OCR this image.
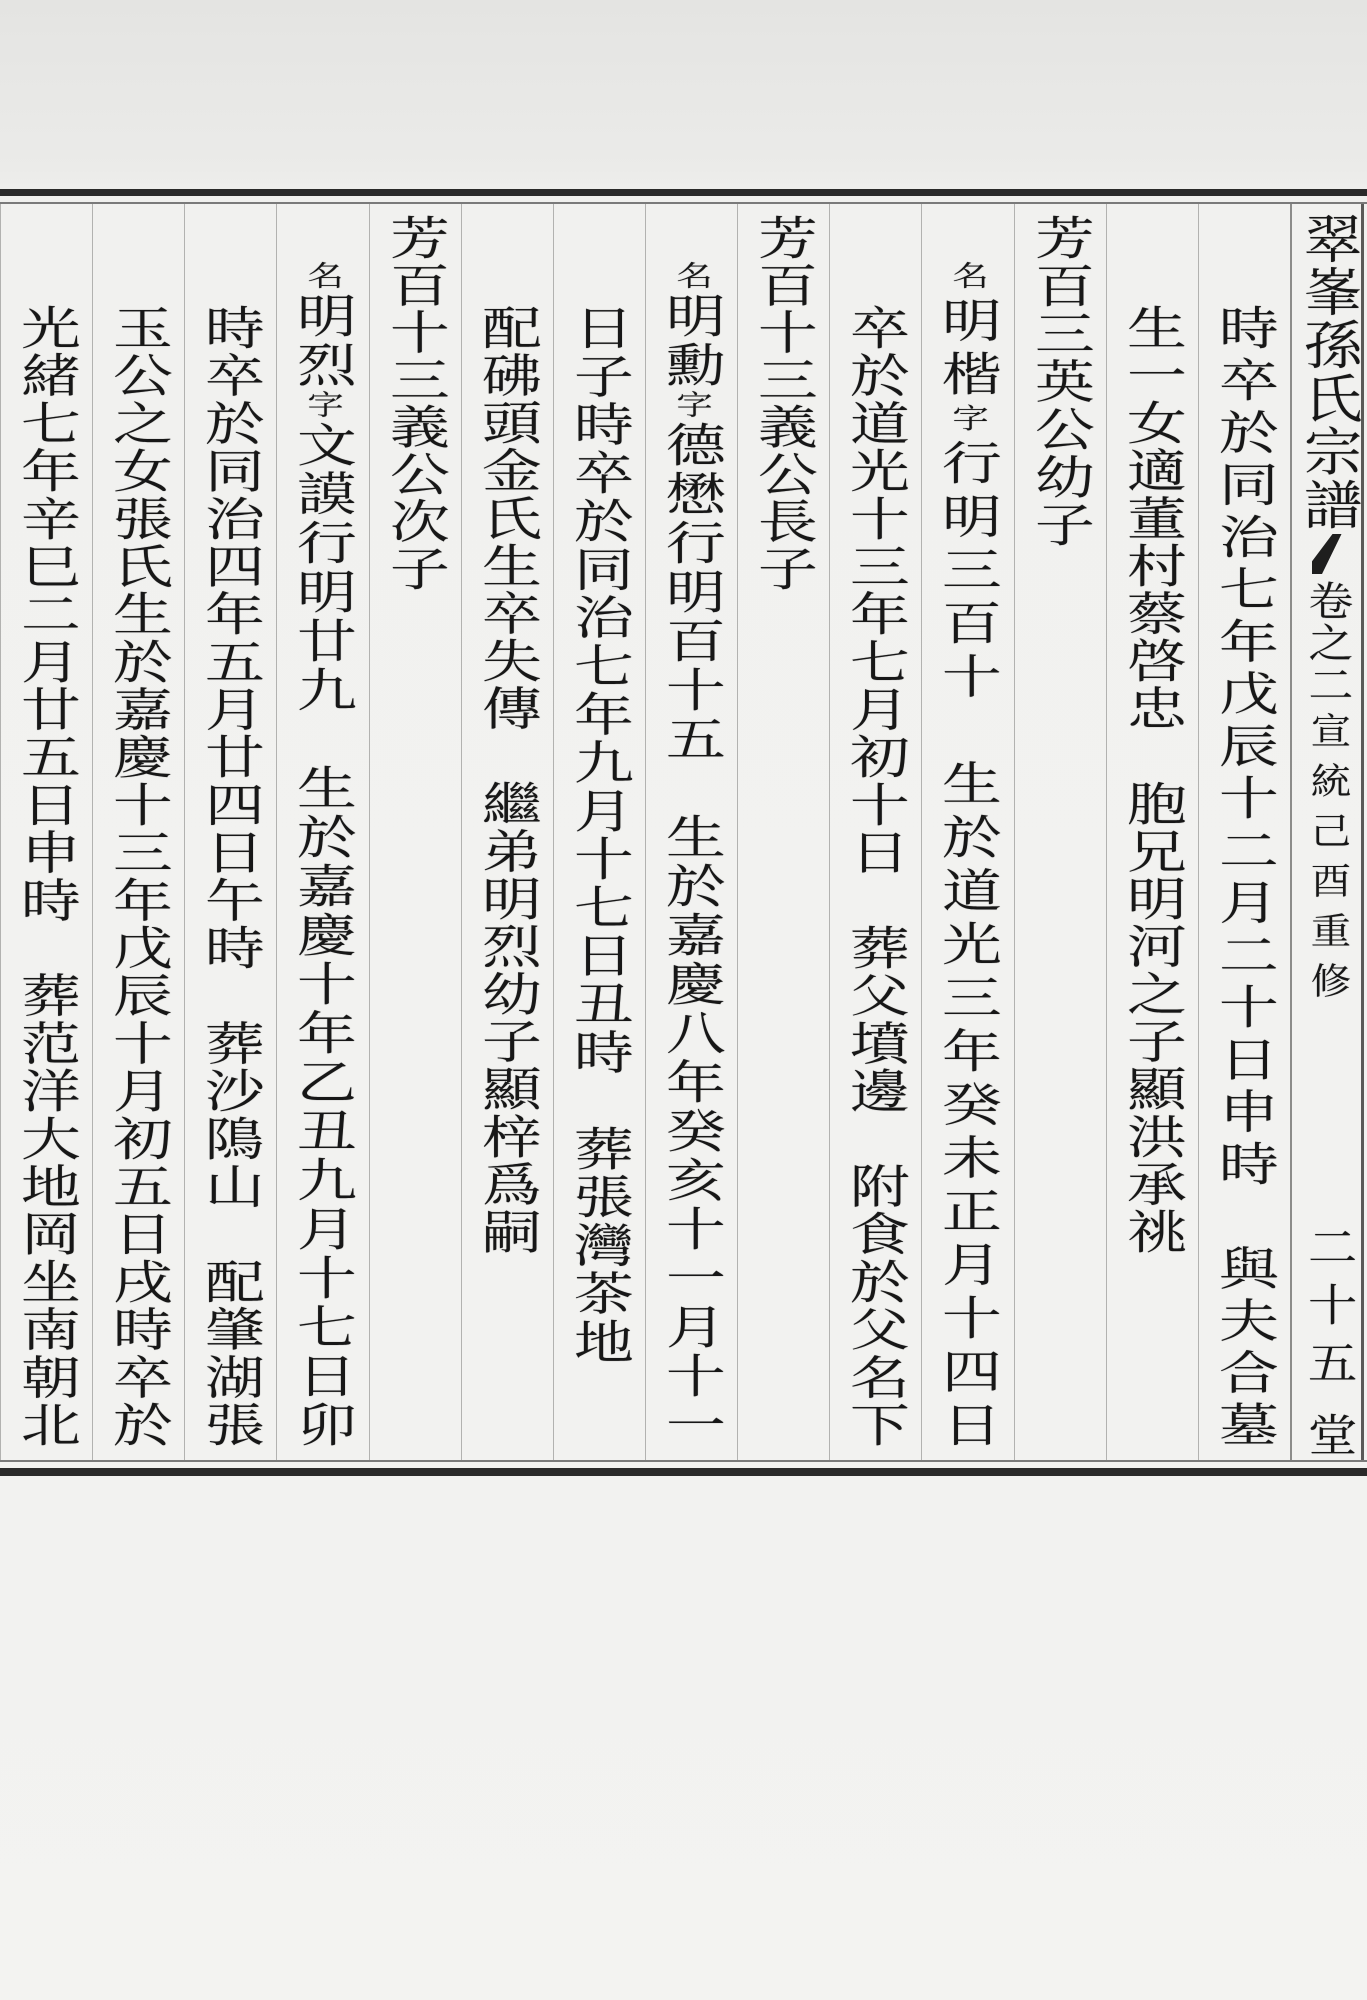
翠峯孫氏宗譜
卷之二
宣統己酉重修
二十五
堂
時卒於同治七年戊辰十二月二十日申時　與夫合墓
生一女適董村蔡啓忠　胞兄明河之子顯洪承祧
芳百三英公幼子
名明楷字行明三百十　生於道光三年癸未正月十四日
卒於道光十三年七月初十日　葬父墳邊　附食於父名下
芳百十三義公長子
名明勳字德懋行明百十五　生於嘉慶八年癸亥十一月十一
日子時卒於同治七年九月十七日丑時　葬張灣茶地
配砩頭金氏生卒失傳　繼弟明烈幼子顯梓爲嗣
芳百十三義公次子
名明烈字文謨行明廿九　生於嘉慶十年乙丑九月十七日卯
時卒於同治四年五月廿四日午時　葬沙隝山　配肇湖張
玉公之女張氏生於嘉慶十三年戊辰十月初五日戌時卒於
光緒七年辛巳二月廿五日申時　葬范洋大地岡坐南朝北
